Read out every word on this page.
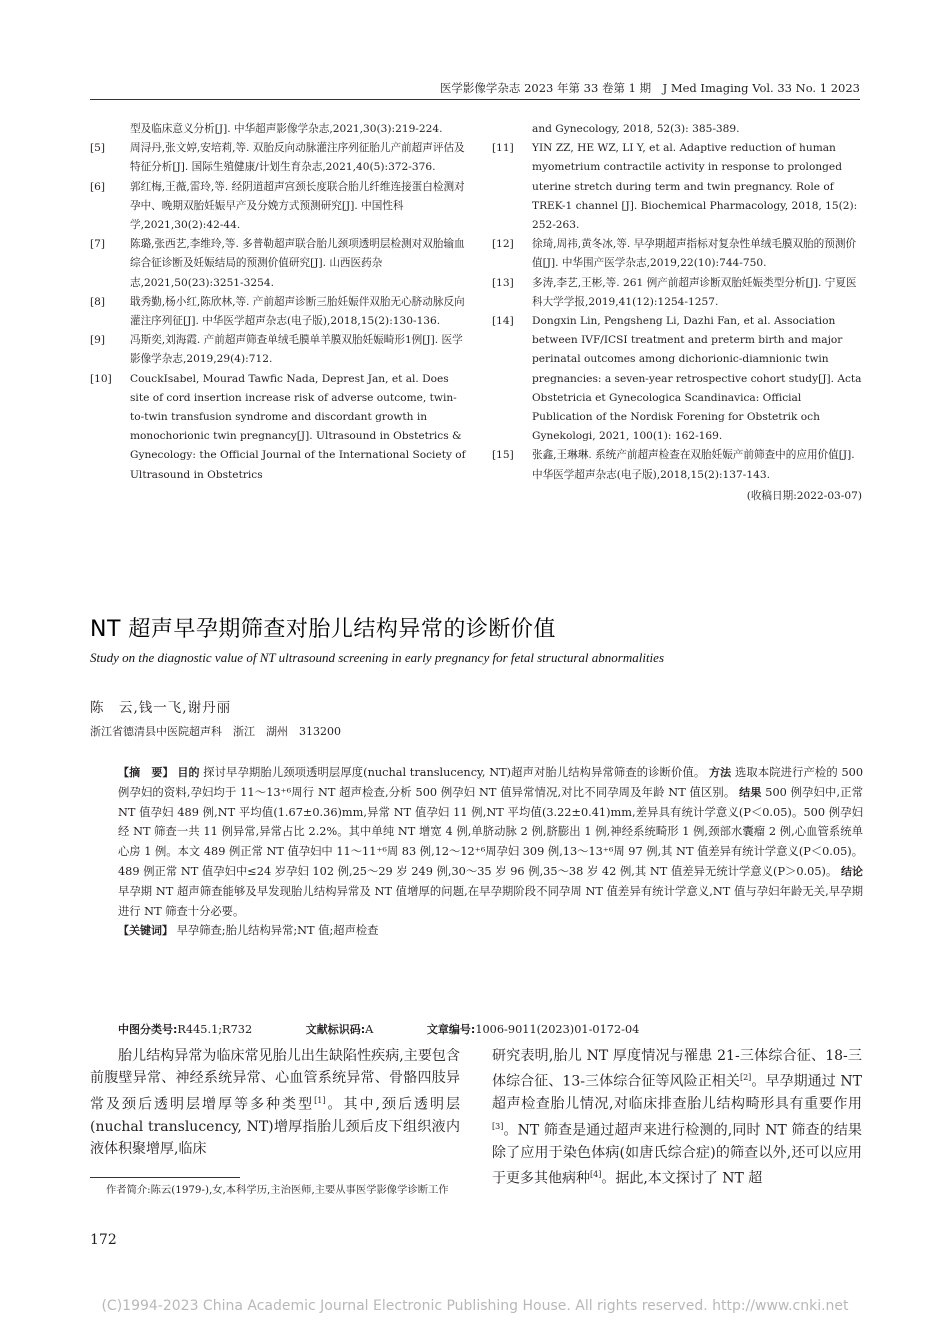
医学影像学杂志 2023 年第 33 卷第 1 期　J Med Imaging Vol. 33 No. 1 2023
型及临床意义分析[J]. 中华超声影像学杂志,2021,30(3):219-224.
[5] 周浔丹,张文婷,安培莉,等. 双胎反向动脉灌注序列征胎儿产前超声评估及特征分析[J]. 国际生殖健康/计划生育杂志,2021,40(5):372-376.
[6] 郭红梅,王薇,雷玲,等. 经阴道超声宫颈长度联合胎儿纤维连接蛋白检测对孕中、晚期双胎妊娠早产及分娩方式预测研究[J]. 中国性科学,2021,30(2):42-44.
[7] 陈璐,张西艺,李维玲,等. 多普勒超声联合胎儿颈项透明层检测对双胎输血综合征诊断及妊娠结局的预测价值研究[J]. 山西医药杂志,2021,50(23):3251-3254.
[8] 戢秀勤,杨小红,陈欣林,等. 产前超声诊断三胎妊娠伴双胎无心脐动脉反向灌注序列征[J]. 中华医学超声杂志(电子版),2018,15(2):130-136.
[9] 冯斯奕,刘海霞. 产前超声筛查单绒毛膜单羊膜双胎妊娠畸形1例[J]. 医学影像学杂志,2019,29(4):712.
[10] CouckIsabel, Mourad Tawfic Nada, Deprest Jan, et al. Does site of cord insertion increase risk of adverse outcome, twin-to-twin transfusion syndrome and discordant growth in monochorionic twin pregnancy[J]. Ultrasound in Obstetrics & Gynecology: the Official Journal of the International Society of Ultrasound in Obstetrics
and Gynecology, 2018, 52(3): 385-389.
[11] YIN ZZ, HE WZ, LI Y, et al. Adaptive reduction of human myometrium contractile activity in response to prolonged uterine stretch during term and twin pregnancy. Role of TREK-1 channel [J]. Biochemical Pharmacology, 2018, 15(2): 252-263.
[12] 徐琦,周祎,黄冬冰,等. 早孕期超声指标对复杂性单绒毛膜双胎的预测价值[J]. 中华围产医学杂志,2019,22(10):744-750.
[13] 多涛,李艺,王彬,等. 261 例产前超声诊断双胎妊娠类型分析[J]. 宁夏医科大学学报,2019,41(12):1254-1257.
[14] Dongxin Lin, Pengsheng Li, Dazhi Fan, et al. Association between IVF/ICSI treatment and preterm birth and major perinatal outcomes among dichorionic-diamnionic twin pregnancies: a seven-year retrospective cohort study[J]. Acta Obstetricia et Gynecologica Scandinavica: Official Publication of the Nordisk Forening for Obstetrik och Gynekologi, 2021, 100(1): 162-169.
[15] 张鑫,王琳琳. 系统产前超声检查在双胎妊娠产前筛查中的应用价值[J]. 中华医学超声杂志(电子版),2018,15(2):137-143.
(收稿日期:2022-03-07)
NT 超声早孕期筛查对胎儿结构异常的诊断价值
Study on the diagnostic value of NT ultrasound screening in early pregnancy for fetal structural abnormalities
陈　云,钱一飞,谢丹丽
浙江省德清县中医院超声科　浙江　湖州　313200
【摘　要】 目的 探讨早孕期胎儿颈项透明层厚度(nuchal translucency, NT)超声对胎儿结构异常筛查的诊断价值。 方法 选取本院进行产检的 500 例孕妇的资料,孕妇均于 11～13⁺⁶周行 NT 超声检查,分析 500 例孕妇 NT 值异常情况,对比不同孕周及年龄 NT 值区别。 结果 500 例孕妇中,正常 NT 值孕妇 489 例,NT 平均值(1.67±0.36)mm,异常 NT 值孕妇 11 例,NT 平均值(3.22±0.41)mm,差异具有统计学意义(P＜0.05)。500 例孕妇经 NT 筛查一共 11 例异常,异常占比 2.2%。其中单纯 NT 增宽 4 例,单脐动脉 2 例,脐膨出 1 例,神经系统畸形 1 例,颈部水囊瘤 2 例,心血管系统单心房 1 例。本文 489 例正常 NT 值孕妇中 11～11⁺⁶周 83 例,12～12⁺⁶周孕妇 309 例,13～13⁺⁶周 97 例,其 NT 值差异有统计学意义(P＜0.05)。489 例正常 NT 值孕妇中≤24 岁孕妇 102 例,25～29 岁 249 例,30～35 岁 96 例,35～38 岁 42 例,其 NT 值差异无统计学意义(P＞0.05)。 结论 早孕期 NT 超声筛查能够及早发现胎儿结构异常及 NT 值增厚的问题,在早孕期阶段不同孕周 NT 值差异有统计学意义,NT 值与孕妇年龄无关,早孕期进行 NT 筛查十分必要。
【关键词】 早孕筛查;胎儿结构异常;NT 值;超声检查
中图分类号:R445.1;R732	文献标识码:A	文章编号:1006-9011(2023)01-0172-04
胎儿结构异常为临床常见胎儿出生缺陷性疾病,主要包含前腹壁异常、神经系统异常、心血管系统异常、骨骼四肢异常及颈后透明层增厚等多种类型[1]。其中,颈后透明层(nuchal translucency, NT)增厚指胎儿颈后皮下组织液内液体积聚增厚,临床
研究表明,胎儿 NT 厚度情况与罹患 21-三体综合征、18-三体综合征、13-三体综合征等风险正相关[2]。早孕期通过 NT 超声检查胎儿情况,对临床排查胎儿结构畸形具有重要作用[3]。NT 筛查是通过超声来进行检测的,同时 NT 筛查的结果除了应用于染色体病(如唐氏综合症)的筛查以外,还可以应用于更多其他病种[4]。据此,本文探讨了 NT 超
作者简介:陈云(1979-),女,本科学历,主治医师,主要从事医学影像学诊断工作
172
(C)1994-2023 China Academic Journal Electronic Publishing House. All rights reserved. http://www.cnki.net
